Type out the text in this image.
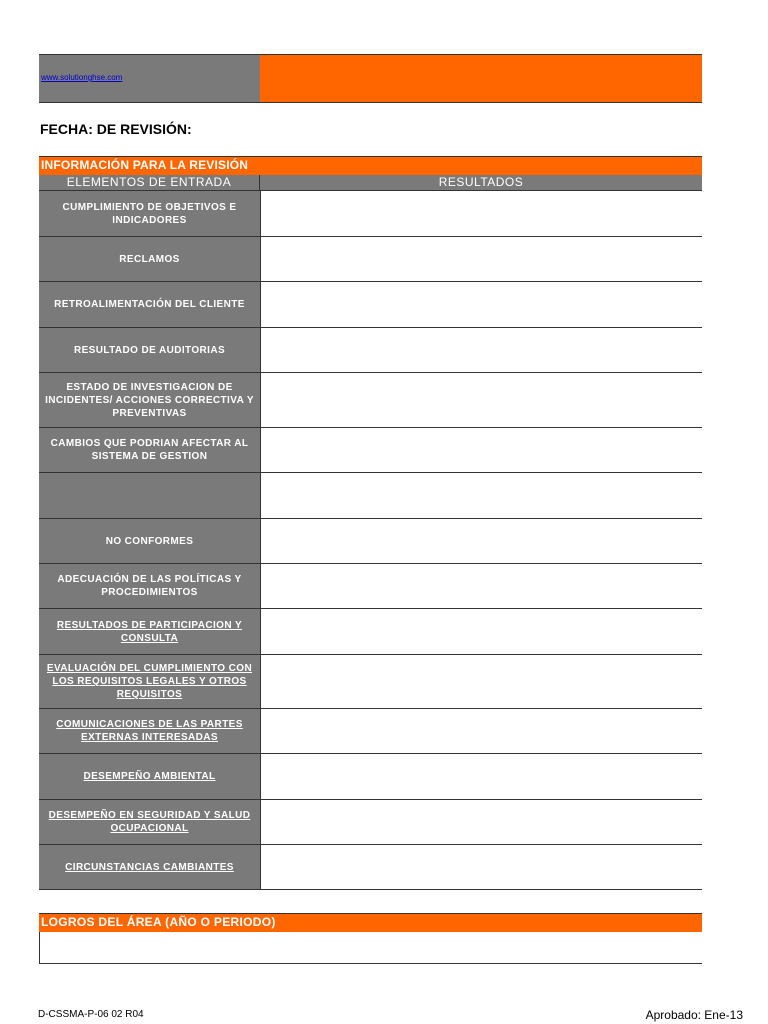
www.solutionghse.com
FECHA: DE REVISIÓN:
INFORMACIÓN PARA LA REVISIÓN
ELEMENTOS DE ENTRADA	RESULTADOS
CUMPLIMIENTO DE OBJETIVOS E INDICADORES
RECLAMOS
RETROALIMENTACIÓN DEL CLIENTE
RESULTADO DE AUDITORIAS
ESTADO DE INVESTIGACION DE INCIDENTES/ ACCIONES CORRECTIVA Y PREVENTIVAS
CAMBIOS QUE PODRIAN AFECTAR AL SISTEMA DE GESTION
NO CONFORMES
ADECUACIÓN DE LAS POLÍTICAS Y PROCEDIMIENTOS
RESULTADOS DE PARTICIPACION Y CONSULTA
EVALUACIÓN DEL CUMPLIMIENTO CON LOS REQUISITOS LEGALES Y OTROS REQUISITOS
COMUNICACIONES DE LAS PARTES EXTERNAS INTERESADAS
DESEMPEÑO AMBIENTAL
DESEMPEÑO EN SEGURIDAD Y SALUD OCUPACIONAL
CIRCUNSTANCIAS CAMBIANTES
LOGROS DEL ÁREA (AÑO O PERIODO)
D-CSSMA-P-06 02 R04	Aprobado: Ene-13
